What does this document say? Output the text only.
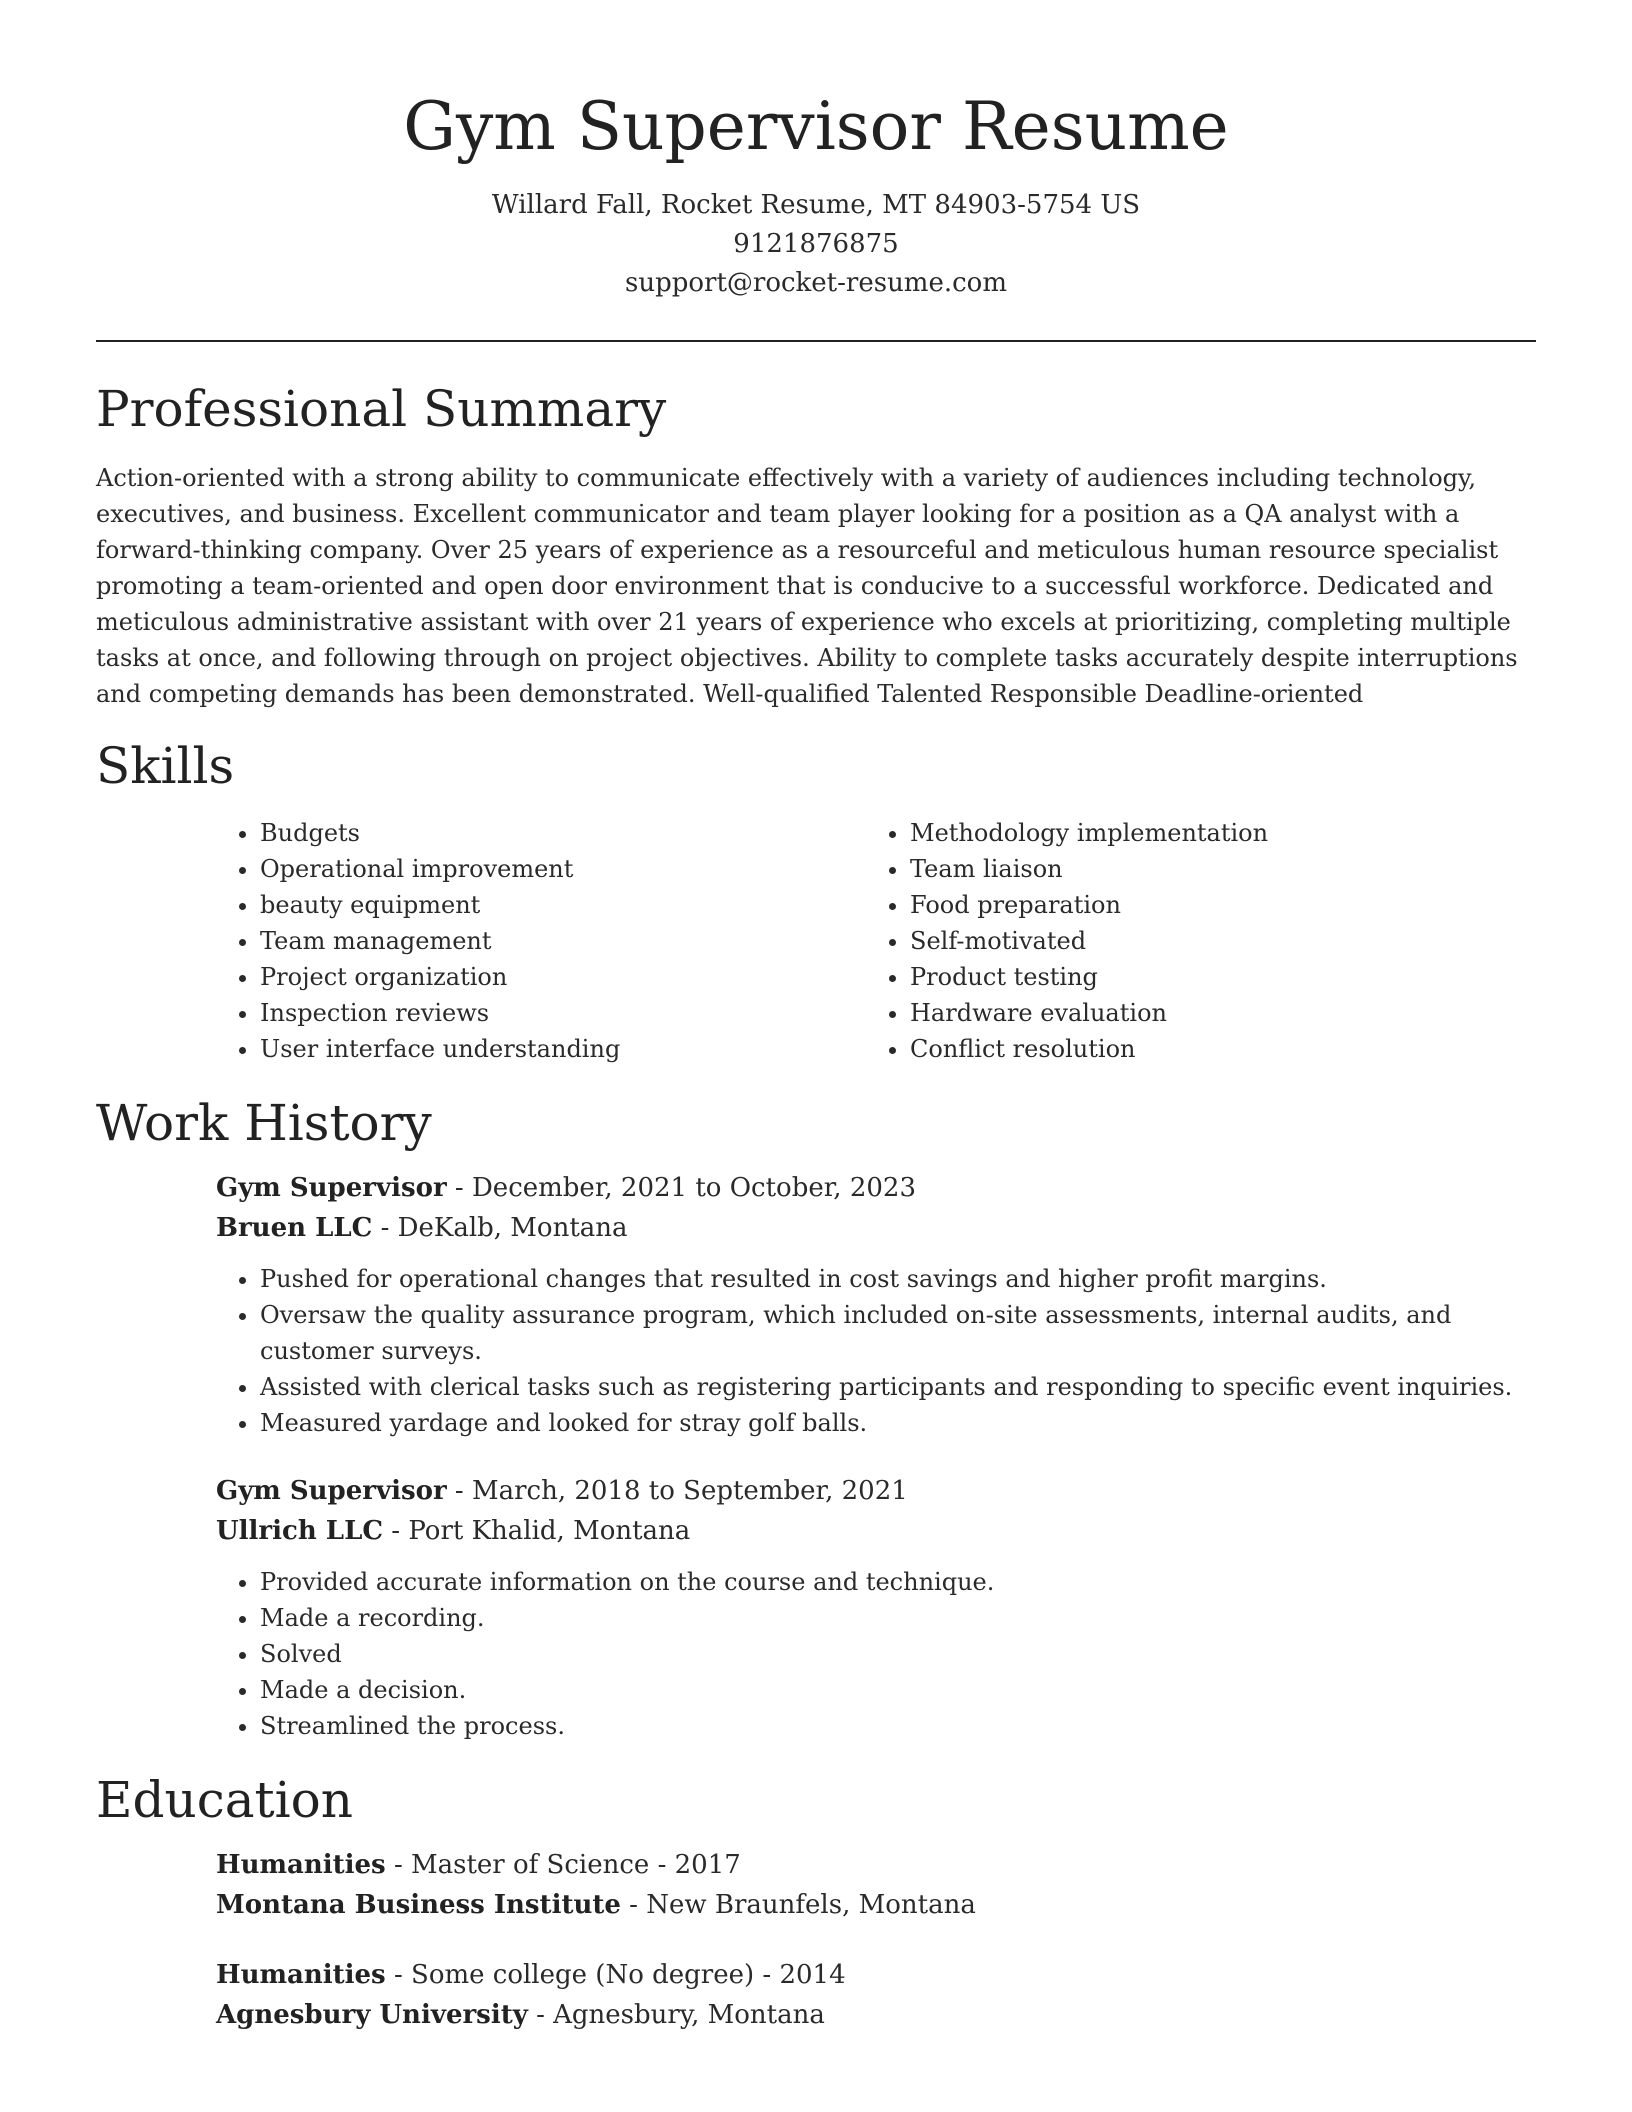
Gym Supervisor Resume
Willard Fall, Rocket Resume, MT 84903-5754 US
9121876875
support@rocket-resume.com
Professional Summary

Action-oriented with a strong ability to communicate effectively with a variety of audiences including technology, executives, and business. Excellent communicator and team player looking for a position as a QA analyst with a forward-thinking company. Over 25 years of experience as a resourceful and meticulous human resource specialist promoting a team-oriented and open door environment that is conducive to a successful workforce. Dedicated and meticulous administrative assistant with over 21 years of experience who excels at prioritizing, completing multiple tasks at once, and following through on project objectives. Ability to complete tasks accurately despite interruptions and competing demands has been demonstrated. Well-qualified Talented Responsible Deadline-oriented

Skills
• Budgets
• Operational improvement
• beauty equipment
• Team management
• Project organization
• Inspection reviews
• User interface understanding
• Methodology implementation
• Team liaison
• Food preparation
• Self-motivated
• Product testing
• Hardware evaluation
• Conflict resolution
Work History
Gym Supervisor - December, 2021 to October, 2023
Bruen LLC - DeKalb, Montana
• Pushed for operational changes that resulted in cost savings and higher profit margins.
• Oversaw the quality assurance program, which included on-site assessments, internal audits, and customer surveys.
• Assisted with clerical tasks such as registering participants and responding to specific event inquiries.
• Measured yardage and looked for stray golf balls.
Gym Supervisor - March, 2018 to September, 2021
Ullrich LLC - Port Khalid, Montana
• Provided accurate information on the course and technique.
• Made a recording.
• Solved
• Made a decision.
• Streamlined the process.
Education
Humanities - Master of Science - 2017
Montana Business Institute - New Braunfels, Montana
Humanities - Some college (No degree) - 2014
Agnesbury University - Agnesbury, Montana
